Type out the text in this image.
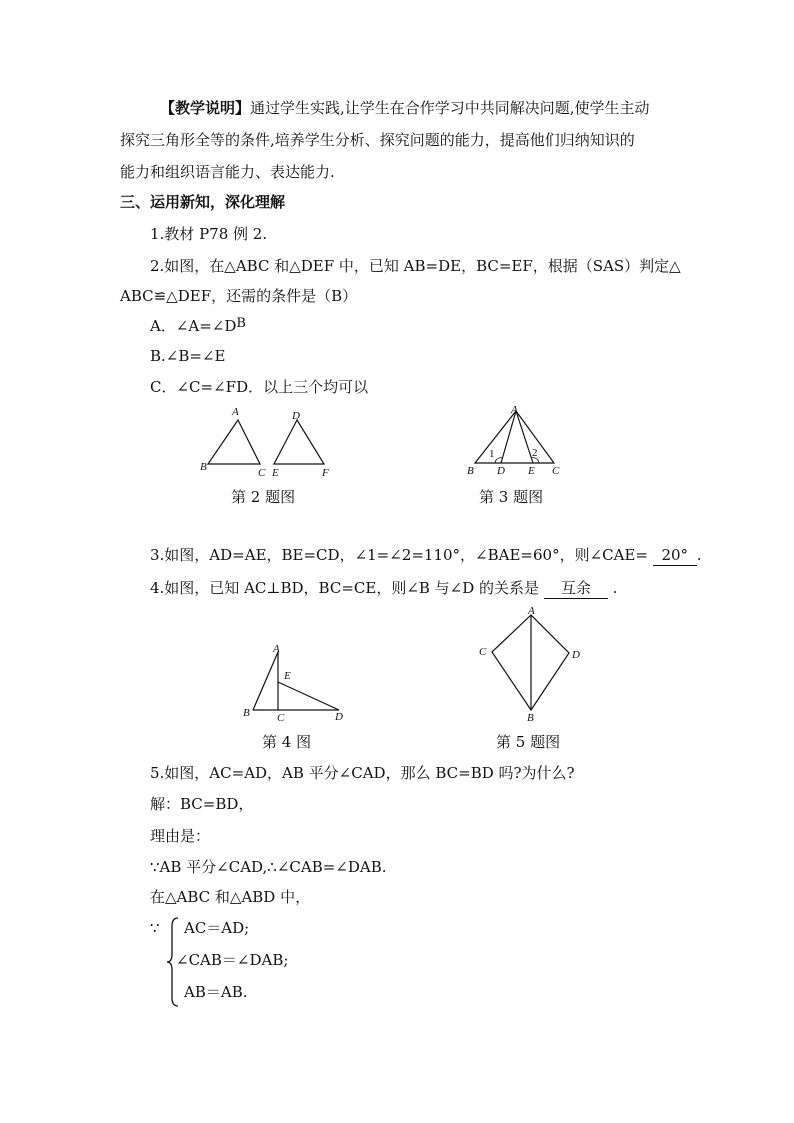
【教学说明】通过学生实践,让学生在合作学习中共同解决问题,使学生主动
探究三角形全等的条件,培养学生分析、探究问题的能力，提高他们归纳知识的
能力和组织语言能力、表达能力.
三、运用新知，深化理解
1.教材 P78 例 2.
2.如图，在△ABC 和△DEF 中，已知 AB=DE，BC=EF，根据（SAS）判定△
ABC≌△DEF，还需的条件是（B）
A．∠A=∠DB
B.∠B=∠E
C．∠C=∠FD．以上三个均可以
A
B	C
D
E	F
第 2 题图
A
B D E C
1	2
第 3 题图
3.如图，AD=AE，BE=CD，∠1=∠2=110°，∠BAE=60°，则∠CAE= 20° .
4.如图，已知 AC⊥BD，BC=CE，则∠B 与∠D 的关系是 互余 .
A
E
B C	D
第 4 图
A
C	D
B
第 5 题图
5.如图，AC=AD，AB 平分∠CAD，那么 BC=BD 吗?为什么?
解：BC=BD，
理由是：
∵AB 平分∠CAD,∴∠CAB=∠DAB.
在△ABC 和△ABD 中，
∵ AC＝AD;
∠CAB＝∠DAB;
AB＝AB.
